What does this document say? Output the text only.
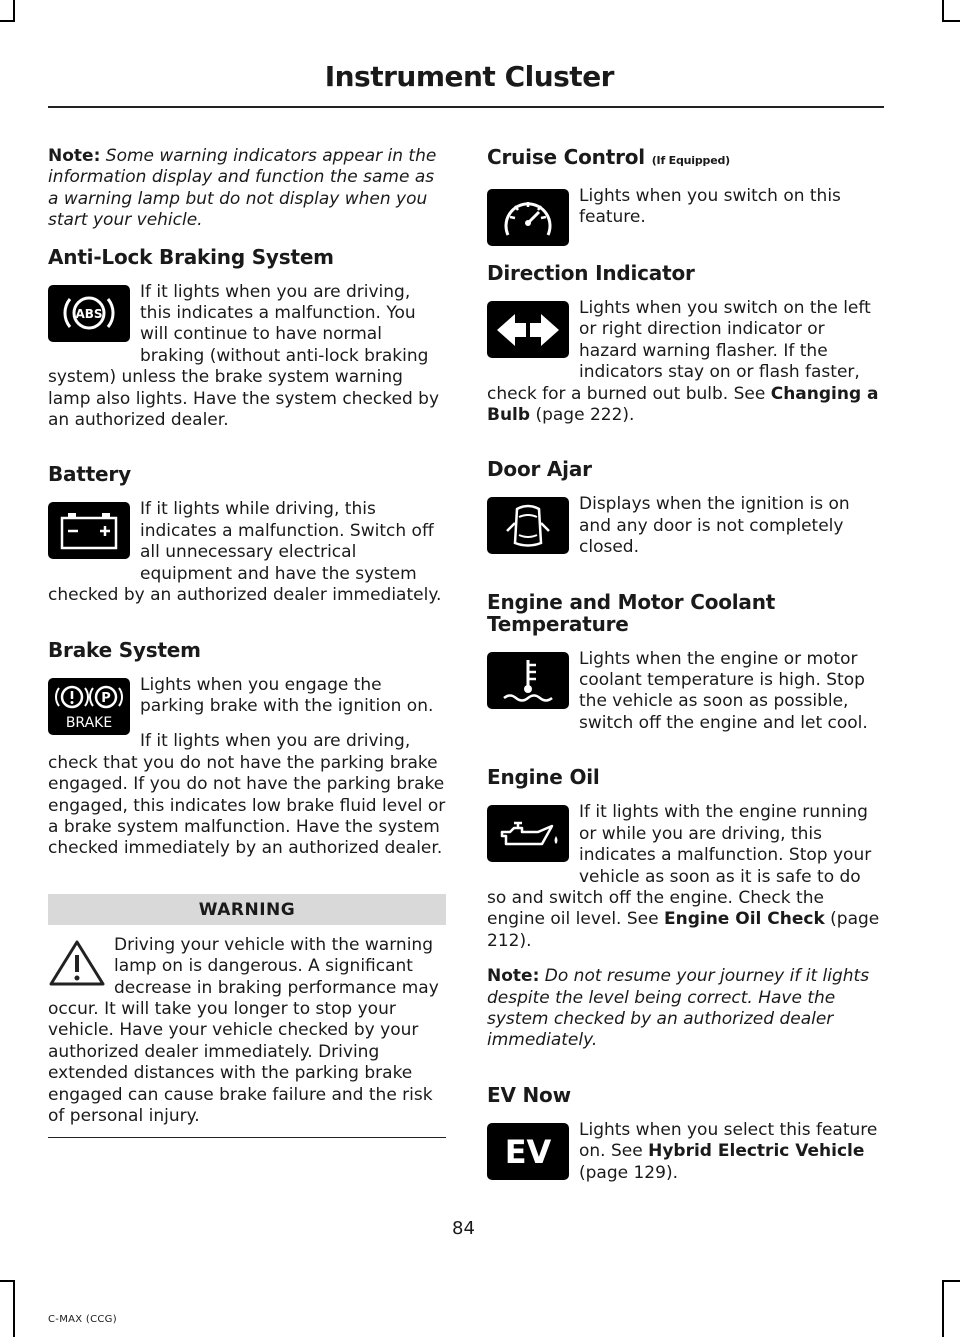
Instrument Cluster

Note: Some warning indicators appear in the information display and function the same as a warning lamp but do not display when you start your vehicle.

Anti-Lock Braking System
ABS

If it lights when you are driving, this indicates a malfunction. You will continue to have normal braking (without anti-lock braking system) unless the brake system warning lamp also lights. Have the system checked by an authorized dealer.

Battery

If it lights while driving, this indicates a malfunction. Switch off all unnecessary electrical equipment and have the system checked by an authorized dealer immediately.

Brake System
P
BRAKE

Lights when you engage the parking brake with the ignition on.

If it lights when you are driving, check that you do not have the parking brake engaged. If you do not have the parking brake engaged, this indicates low brake fluid level or a brake system malfunction. Have the system checked immediately by an authorized dealer.

WARNING

Driving your vehicle with the warning lamp on is dangerous. A significant decrease in braking performance may occur. It will take you longer to stop your vehicle. Have your vehicle checked by your authorized dealer immediately. Driving extended distances with the parking brake engaged can cause brake failure and the risk of personal injury.

Cruise Control (If Equipped)

Lights when you switch on this feature.

Direction Indicator

Lights when you switch on the left or right direction indicator or hazard warning flasher. If the indicators stay on or flash faster, check for a burned out bulb. See Changing a Bulb (page 222).

Door Ajar

Displays when the ignition is on and any door is not completely closed.

Engine and Motor Coolant Temperature

Lights when the engine or motor coolant temperature is high. Stop the vehicle as soon as possible, switch off the engine and let cool.

Engine Oil

If it lights with the engine running or while you are driving, this indicates a malfunction. Stop your vehicle as soon as it is safe to do so and switch off the engine. Check the engine oil level. See Engine Oil Check (page 212).

Note: Do not resume your journey if it lights despite the level being correct. Have the system checked by an authorized dealer immediately.

EV Now
EV

Lights when you select this feature on. See Hybrid Electric Vehicle (page 129).

84
C-MAX (CCG)
